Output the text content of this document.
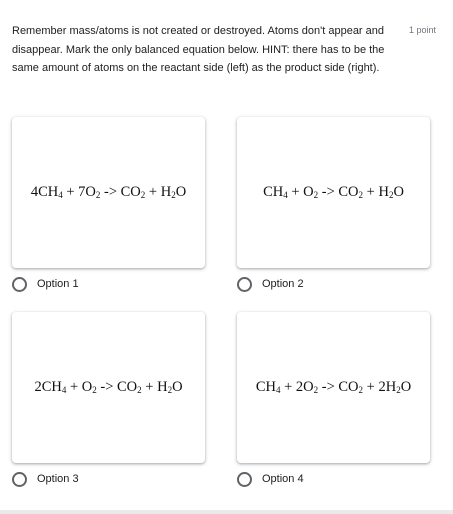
Remember mass/atoms is not created or destroyed. Atoms don't appear and disappear. Mark the only balanced equation below. HINT: there has to be the same amount of atoms on the reactant side (left) as the product side (right).

1 point
$4CH_4 + 7O_2 -> CO_2 + H_2O$
Option 1
$CH_4 + O_2 -> CO_2 + H_2O$
Option 2
$2CH_4 + O_2 -> CO_2 + H_2O$
Option 3
$CH_4 + 2O_2 -> CO_2 + 2H_2O$
Option 4
